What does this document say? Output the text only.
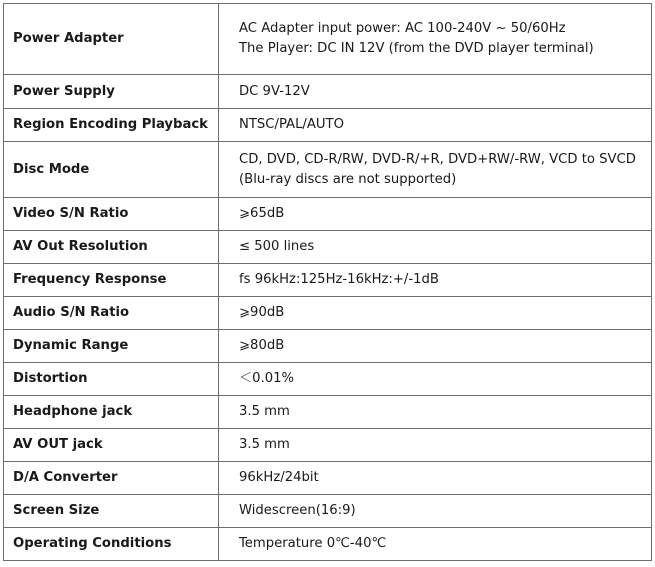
Power Adapter	AC Adapter input power: AC 100-240V ~ 50/60Hz
The Player: DC IN 12V (from the DVD player terminal)

Power Supply	DC 9V-12V

Region Encoding Playback	NTSC/PAL/AUTO

Disc Mode	CD, DVD, CD-R/RW, DVD-R/+R, DVD+RW/-RW, VCD to SVCD
(Blu-ray discs are not supported)

Video S/N Ratio	⩾65dB

AV Out Resolution	≤ 500 lines

Frequency Response	fs 96kHz:125Hz-16kHz:+/-1dB

Audio S/N Ratio	⩾90dB

Dynamic Range	⩾80dB

Distortion	＜0.01%

Headphone jack	3.5 mm

AV OUT jack	3.5 mm

D/A Converter	96kHz/24bit

Screen Size	Widescreen(16:9)

Operating Conditions	Temperature 0℃-40℃
